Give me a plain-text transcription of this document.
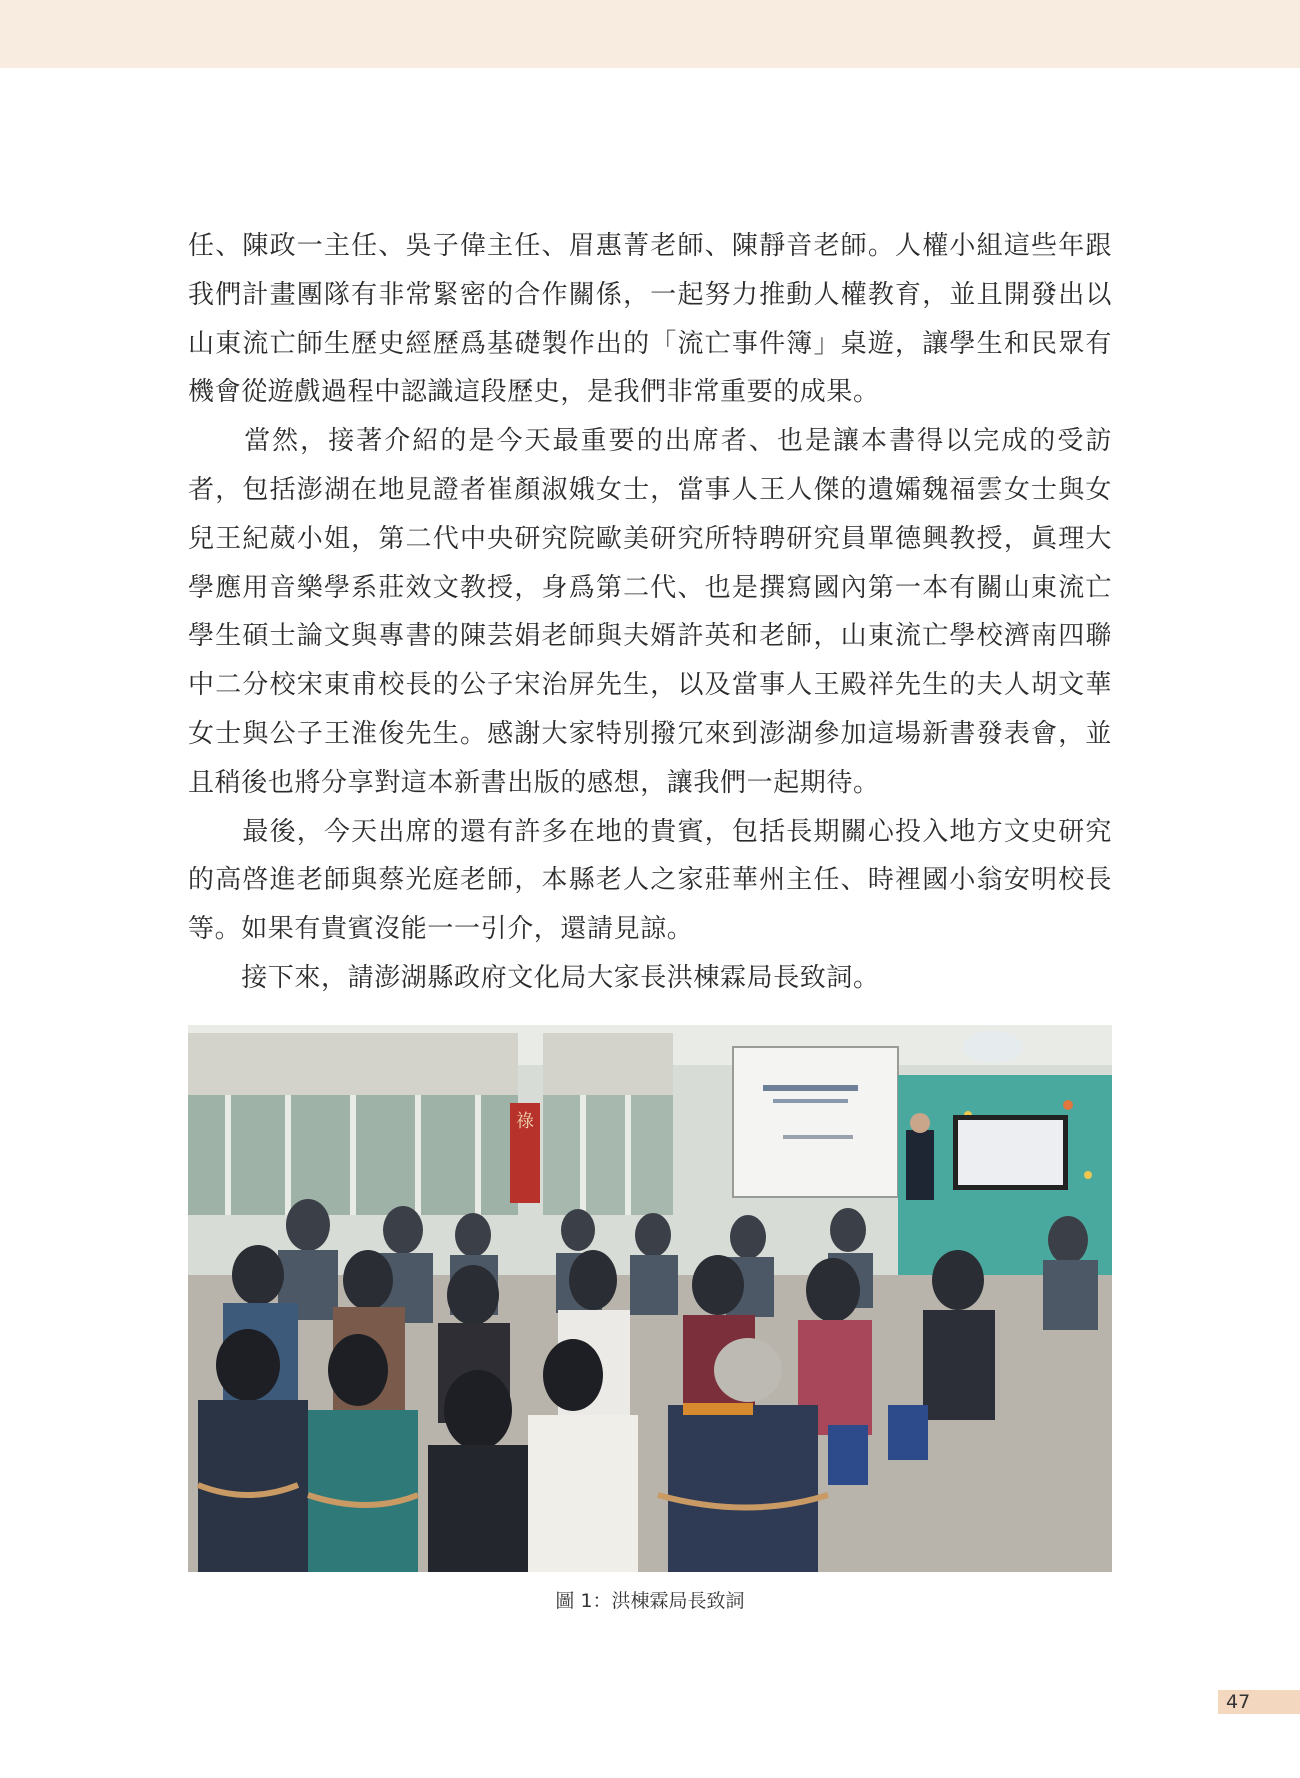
任、陳政一主任、吳子偉主任、眉惠菁老師、陳靜音老師。人權小組這些年跟
我們計畫團隊有非常緊密的合作關係，一起努力推動人權教育，並且開發出以
山東流亡師生歷史經歷爲基礎製作出的「流亡事件簿」桌遊，讓學生和民眾有
機會從遊戲過程中認識這段歷史，是我們非常重要的成果。
　　當然，接著介紹的是今天最重要的出席者、也是讓本書得以完成的受訪
者，包括澎湖在地見證者崔顏淑娥女士，當事人王人傑的遺孀魏福雲女士與女
兒王紀葳小姐，第二代中央研究院歐美研究所特聘研究員單德興教授，眞理大
學應用音樂學系莊效文教授，身爲第二代、也是撰寫國內第一本有關山東流亡
學生碩士論文與專書的陳芸娟老師與夫婿許英和老師，山東流亡學校濟南四聯
中二分校宋東甫校長的公子宋治屏先生，以及當事人王殿祥先生的夫人胡文華
女士與公子王淮俊先生。感謝大家特別撥冗來到澎湖參加這場新書發表會，並
且稍後也將分享對這本新書出版的感想，讓我們一起期待。
　　最後，今天出席的還有許多在地的貴賓，包括長期關心投入地方文史研究
的高啓進老師與蔡光庭老師，本縣老人之家莊華州主任、時裡國小翁安明校長
等。如果有貴賓沒能一一引介，還請見諒。
　　接下來，請澎湖縣政府文化局大家長洪棟霖局長致詞。
祿
圖 1：洪棟霖局長致詞
47
